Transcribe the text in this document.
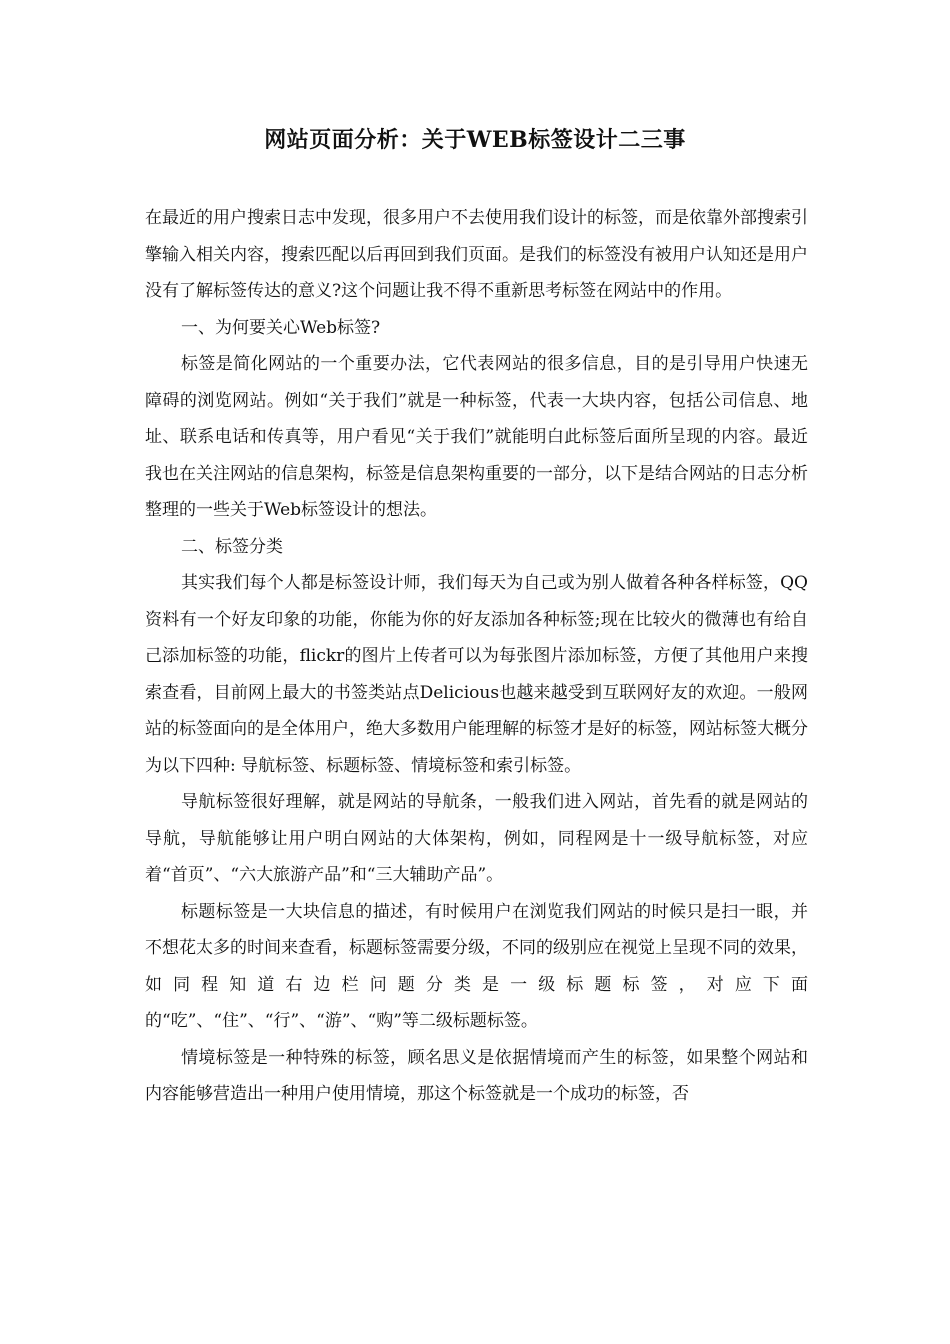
网站页面分析：关于WEB标签设计二三事

在最近的用户搜索日志中发现，很多用户不去使用我们设计的标签，而是依靠外部搜索引擎输入相关内容，搜索匹配以后再回到我们页面。是我们的标签没有被用户认知还是用户没有了解标签传达的意义?这个问题让我不得不重新思考标签在网站中的作用。

一、为何要关心Web标签?

标签是简化网站的一个重要办法，它代表网站的很多信息，目的是引导用户快速无障碍的浏览网站。例如“关于我们”就是一种标签，代表一大块内容，包括公司信息、地址、联系电话和传真等，用户看见“关于我们”就能明白此标签后面所呈现的内容。最近我也在关注网站的信息架构，标签是信息架构重要的一部分，以下是结合网站的日志分析整理的一些关于Web标签设计的想法。

二、标签分类

其实我们每个人都是标签设计师，我们每天为自己或为别人做着各种各样标签，QQ资料有一个好友印象的功能，你能为你的好友添加各种标签;现在比较火的微薄也有给自己添加标签的功能，flickr的图片上传者可以为每张图片添加标签，方便了其他用户来搜索查看，目前网上最大的书签类站点Delicious也越来越受到互联网好友的欢迎。一般网站的标签面向的是全体用户，绝大多数用户能理解的标签才是好的标签，网站标签大概分为以下四种: 导航标签、标题标签、情境标签和索引标签。

导航标签很好理解，就是网站的导航条，一般我们进入网站，首先看的就是网站的导航，导航能够让用户明白网站的大体架构，例如，同程网是十一级导航标签，对应着“首页”、“六大旅游产品”和“三大辅助产品”。

标题标签是一大块信息的描述，有时候用户在浏览我们网站的时候只是扫一眼，并不想花太多的时间来查看，标题标签需要分级，不同的级别应在视觉上呈现不同的效果，如同程知道右边栏问题分类是一级标题标签，对应下面的“吃”、“住”、“行”、“游”、“购”等二级标题标签。

情境标签是一种特殊的标签，顾名思义是依据情境而产生的标签，如果整个网站和内容能够营造出一种用户使用情境，那这个标签就是一个成功的标签，否
